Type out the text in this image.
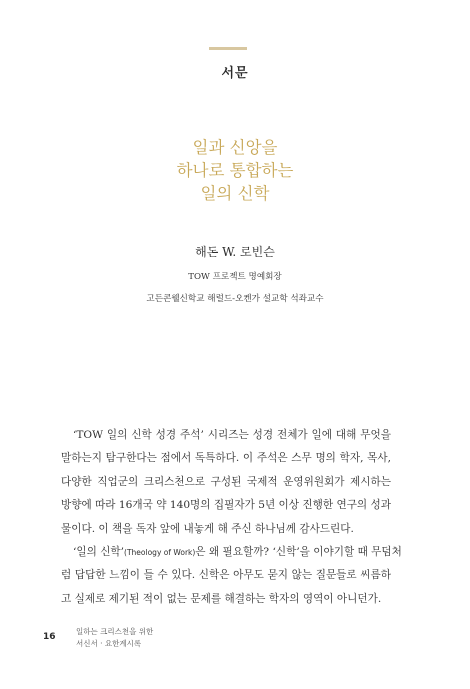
서문
일과 신앙을
하나로 통합하는
일의 신학
해돈 W. 로빈슨
TOW 프로젝트 명예회장
고든콘웰신학교 해럴드-오켄가 설교학 석좌교수
‘TOW 일의 신학 성경 주석’ 시리즈는 성경 전체가 일에 대해 무엇을
말하는지 탐구한다는 점에서 독특하다. 이 주석은 스무 명의 학자, 목사,
다양한 직업군의 크리스천으로 구성된 국제적 운영위원회가 제시하는
방향에 따라 16개국 약 140명의 집필자가 5년 이상 진행한 연구의 성과
물이다. 이 책을 독자 앞에 내놓게 해 주신 하나님께 감사드린다.
‘일의 신학’(Theology of Work)은 왜 필요할까? ‘신학’을 이야기할 때 무덤처
럼 답답한 느낌이 들 수 있다. 신학은 아무도 묻지 않는 질문들로 씨름하
고 실제로 제기된 적이 없는 문제를 해결하는 학자의 영역이 아니던가.
16
일하는 크리스천을 위한
서신서 · 요한계시록
